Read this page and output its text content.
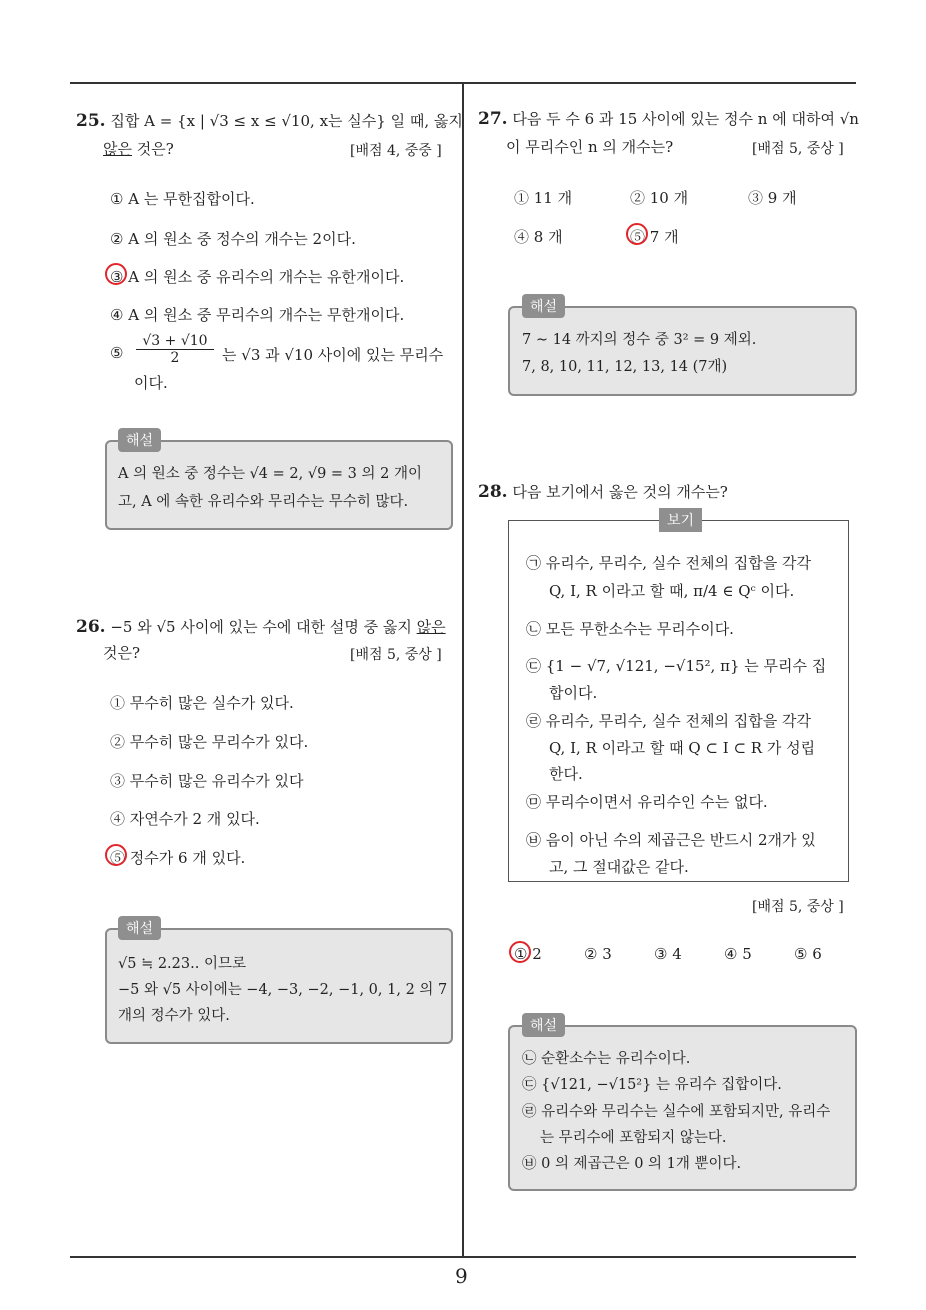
25. 집합 A = {x | √3 ≤ x ≤ √10, x는 실수} 일 때, 옳지
않은 것은?	[배점 4, 중중 ]
① A 는 무한집합이다.
② A 의 원소 중 정수의 개수는 2이다.
③ A 의 원소 중 유리수의 개수는 유한개이다.
④ A 의 원소 중 무리수의 개수는 무한개이다.
⑤ $\frac{√3 + √10}{2}$ 는 √3 과 √10 사이에 있는 무리수
이다.
해설
A 의 원소 중 정수는 √4 = 2, √9 = 3 의 2 개이
고, A 에 속한 유리수와 무리수는 무수히 많다.
26. −5 와 √5 사이에 있는 수에 대한 설명 중 옳지 않은
것은?	[배점 5, 중상 ]
① 무수히 많은 실수가 있다.
② 무수히 많은 무리수가 있다.
③ 무수히 많은 유리수가 있다
④ 자연수가 2 개 있다.
⑤ 정수가 6 개 있다.
해설
√5 ≒ 2.23.. 이므로
−5 와 √5 사이에는 −4, −3, −2, −1, 0, 1, 2 의 7
개의 정수가 있다.
27. 다음 두 수 6 과 15 사이에 있는 정수 n 에 대하여 √n
이 무리수인 n 의 개수는?	[배점 5, 중상 ]
① 11 개	② 10 개	③ 9 개
④ 8 개	⑤ 7 개
해설
7 ∼ 14 까지의 정수 중 3² = 9 제외.
7, 8, 10, 11, 12, 13, 14 (7개)
28. 다음 보기에서 옳은 것의 개수는?
보기
㉠ 유리수, 무리수, 실수 전체의 집합을 각각
Q, I, R 이라고 할 때, π/4 ∈ Qᶜ 이다.
㉡ 모든 무한소수는 무리수이다.
㉢ {1 − √7, √121, −√15², π} 는 무리수 집
합이다.
㉣ 유리수, 무리수, 실수 전체의 집합을 각각
Q, I, R 이라고 할 때 Q ⊂ I ⊂ R 가 성립
한다.
㉤ 무리수이면서 유리수인 수는 없다.
㉥ 음이 아닌 수의 제곱근은 반드시 2개가 있
고, 그 절대값은 같다.
[배점 5, 중상 ]
① 2	② 3	③ 4	④ 5	⑤ 6
해설
㉡ 순환소수는 유리수이다.
㉢ {√121, −√15²} 는 유리수 집합이다.
㉣ 유리수와 무리수는 실수에 포함되지만, 유리수
는 무리수에 포함되지 않는다.
㉥ 0 의 제곱근은 0 의 1개 뿐이다.
9
